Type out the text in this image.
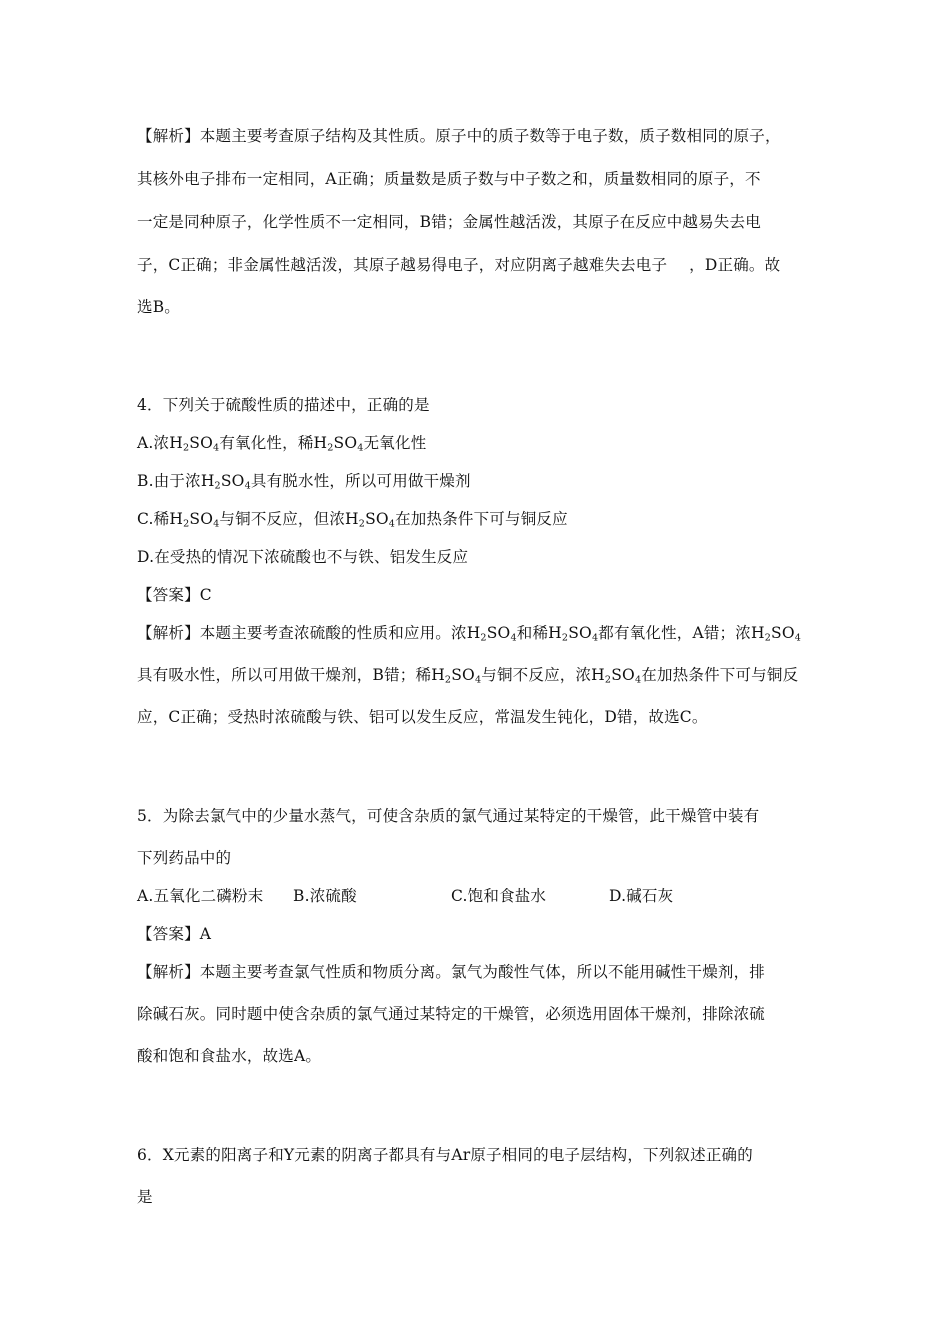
【解析】本题主要考查原子结构及其性质。原子中的质子数等于电子数，质子数相同的原子，
其核外电子排布一定相同，A正确；质量数是质子数与中子数之和，质量数相同的原子，不
一定是同种原子，化学性质不一定相同，B错；金属性越活泼，其原子在反应中越易失去电
子，C正确；非金属性越活泼，其原子越易得电子，对应阴离子越难失去电子 ，D正确。故
选B。
4．下列关于硫酸性质的描述中，正确的是
A.浓$H_2SO_4$有氧化性，稀$H_2SO_4$无氧化性
B.由于浓$H_2SO_4$具有脱水性，所以可用做干燥剂
C.稀$H_2SO_4$与铜不反应，但浓$H_2SO_4$在加热条件下可与铜反应
D.在受热的情况下浓硫酸也不与铁、铝发生反应
【答案】C
【解析】本题主要考查浓硫酸的性质和应用。浓$H_2SO_4$和稀$H_2SO_4$都有氧化性，A错；浓$H_2SO_4$
具有吸水性，所以可用做干燥剂，B错；稀$H_2SO_4$与铜不反应，浓$H_2SO_4$在加热条件下可与铜反
应，C正确；受热时浓硫酸与铁、铝可以发生反应，常温发生钝化，D错，故选C。
5．为除去氯气中的少量水蒸气，可使含杂质的氯气通过某特定的干燥管，此干燥管中装有
下列药品中的
A.五氧化二磷粉末 B.浓硫酸	C.饱和食盐水	D.碱石灰
【答案】A
【解析】本题主要考查氯气性质和物质分离。氯气为酸性气体，所以不能用碱性干燥剂，排
除碱石灰。同时题中使含杂质的氯气通过某特定的干燥管，必须选用固体干燥剂，排除浓硫
酸和饱和食盐水，故选A。
6．X元素的阳离子和Y元素的阴离子都具有与Ar原子相同的电子层结构，下列叙述正确的
是
